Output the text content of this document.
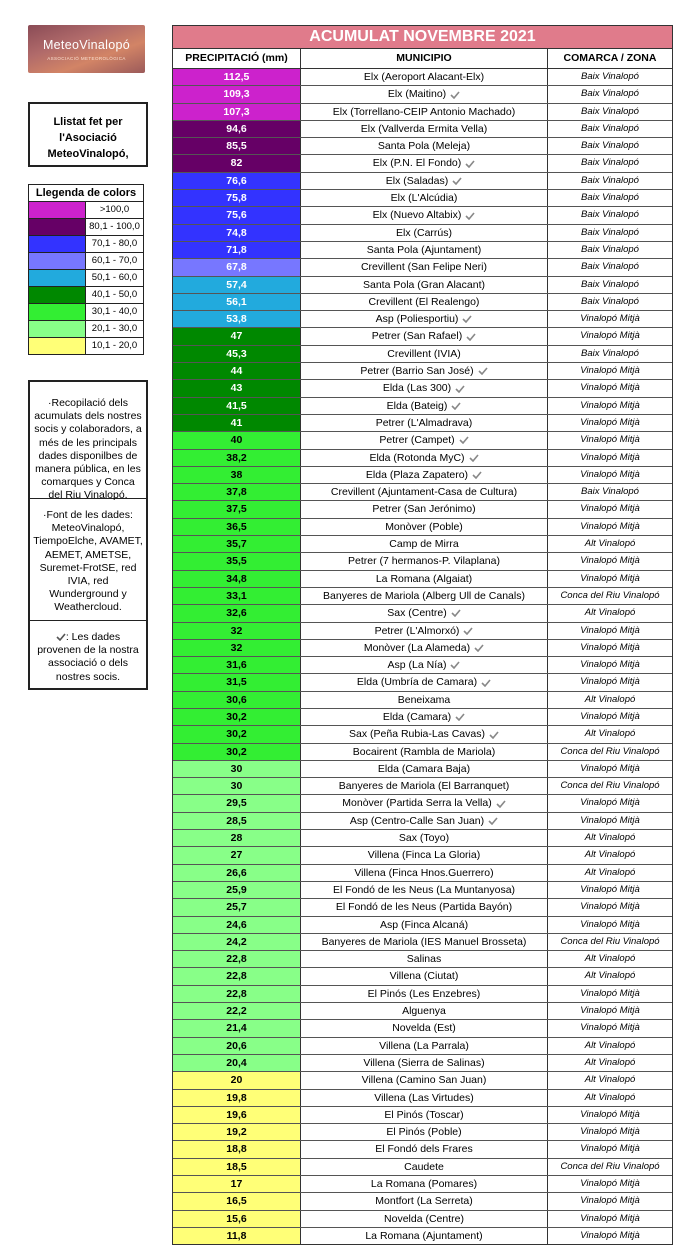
MeteoVinalopó
ASSOCIACIÓ METEOROLÒGICA
Llistat fet per
l'Asociació
MeteoVinalopó,
Llegenda de colors
>100,0
80,1 - 100,0
70,1 - 80,0
60,1 - 70,0
50,1 - 60,0
40,1 - 50,0
30,1 - 40,0
20,1 - 30,0
10,1 - 20,0
·Recopilació dels acumulats dels nostres socis y colaboradors, a més de les principals dades disponilbes de manera pública, en les comarques y Conca del Riu Vinalopó.
·Font de les dades: MeteoVinalopó, TiempoElche, AVAMET, AEMET, AMETSE, Suremet-FrotSE, red IVIA, red Wunderground y Weathercloud.
: Les dades provenen de la nostra associació o dels nostres socis.
ACUMULAT NOVEMBRE 2021
PRECIPITACIÓ (mm)	MUNICIPIO	COMARCA / ZONA
112,5	Elx (Aeroport Alacant-Elx)	Baix Vinalopó
109,3	Elx (Maitino)	Baix Vinalopó
107,3	Elx (Torrellano-CEIP Antonio Machado)	Baix Vinalopó
94,6	Elx (Vallverda Ermita Vella)	Baix Vinalopó
85,5	Santa Pola (Meleja)	Baix Vinalopó
82	Elx (P.N. El Fondo)	Baix Vinalopó
76,6	Elx (Saladas)	Baix Vinalopó
75,8	Elx (L'Alcúdia)	Baix Vinalopó
75,6	Elx (Nuevo Altabix)	Baix Vinalopó
74,8	Elx (Carrús)	Baix Vinalopó
71,8	Santa Pola (Ajuntament)	Baix Vinalopó
67,8	Crevillent (San Felipe Neri)	Baix Vinalopó
57,4	Santa Pola (Gran Alacant)	Baix Vinalopó
56,1	Crevillent (El Realengo)	Baix Vinalopó
53,8	Asp (Poliesportiu)	Vinalopó Mitjà
47	Petrer (San Rafael)	Vinalopó Mitjà
45,3	Crevillent (IVIA)	Baix Vinalopó
44	Petrer (Barrio San José)	Vinalopó Mitjà
43	Elda (Las 300)	Vinalopó Mitjà
41,5	Elda (Bateig)	Vinalopó Mitjà
41	Petrer (L'Almadrava)	Vinalopó Mitjà
40	Petrer (Campet)	Vinalopó Mitjà
38,2	Elda (Rotonda MyC)	Vinalopó Mitjà
38	Elda (Plaza Zapatero)	Vinalopó Mitjà
37,8	Crevillent (Ajuntament-Casa de Cultura)	Baix Vinalopó
37,5	Petrer (San Jerónimo)	Vinalopó Mitjà
36,5	Monòver (Poble)	Vinalopó Mitjà
35,7	Camp de Mirra	Alt Vinalopó
35,5	Petrer (7 hermanos-P. Vilaplana)	Vinalopó Mitjà
34,8	La Romana (Algaiat)	Vinalopó Mitjà
33,1	Banyeres de Mariola (Alberg Ull de Canals)	Conca del Riu Vinalopó
32,6	Sax (Centre)	Alt Vinalopó
32	Petrer (L'Almorxó)	Vinalopó Mitjà
32	Monòver (La Alameda)	Vinalopó Mitjà
31,6	Asp (La Nía)	Vinalopó Mitjà
31,5	Elda (Umbría de Camara)	Vinalopó Mitjà
30,6	Beneixama	Alt Vinalopó
30,2	Elda (Camara)	Vinalopó Mitjà
30,2	Sax (Peña Rubia-Las Cavas)	Alt Vinalopó
30,2	Bocairent (Rambla de Mariola)	Conca del Riu Vinalopó
30	Elda (Camara Baja)	Vinalopó Mitjà
30	Banyeres de Mariola (El Barranquet)	Conca del Riu Vinalopó
29,5	Monòver (Partida Serra la Vella)	Vinalopó Mitjà
28,5	Asp (Centro-Calle San Juan)	Vinalopó Mitjà
28	Sax (Toyo)	Alt Vinalopó
27	Villena (Finca La Gloria)	Alt Vinalopó
26,6	Villena (Finca Hnos.Guerrero)	Alt Vinalopó
25,9	El Fondó de les Neus (La Muntanyosa)	Vinalopó Mitjà
25,7	El Fondó de les Neus (Partida Bayón)	Vinalopó Mitjà
24,6	Asp (Finca Alcaná)	Vinalopó Mitjà
24,2	Banyeres de Mariola (IES Manuel Brosseta)	Conca del Riu Vinalopó
22,8	Salinas	Alt Vinalopó
22,8	Villena (Ciutat)	Alt Vinalopó
22,8	El Pinós (Les Enzebres)	Vinalopó Mitjà
22,2	Alguenya	Vinalopó Mitjà
21,4	Novelda (Est)	Vinalopó Mitjà
20,6	Villena (La Parrala)	Alt Vinalopó
20,4	Villena (Sierra de Salinas)	Alt Vinalopó
20	Villena (Camino San Juan)	Alt Vinalopó
19,8	Villena (Las Virtudes)	Alt Vinalopó
19,6	El Pinós (Toscar)	Vinalopó Mitjà
19,2	El Pinós (Poble)	Vinalopó Mitjà
18,8	El Fondó dels Frares	Vinalopó Mitjà
18,5	Caudete	Conca del Riu Vinalopó
17	La Romana (Pomares)	Vinalopó Mitjà
16,5	Montfort (La Serreta)	Vinalopó Mitjà
15,6	Novelda (Centre)	Vinalopó Mitjà
11,8	La Romana (Ajuntament)	Vinalopó Mitjà
